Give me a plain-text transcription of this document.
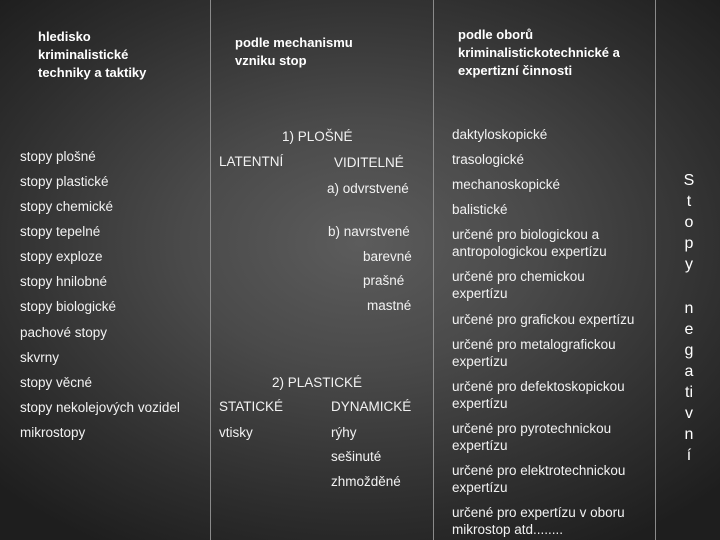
hledisko
kriminalistické
techniky a taktiky
podle mechanismu
vzniku stop
podle oborů
kriminalistickotechnické a
expertizní činnosti
stopy plošné
stopy plastické
stopy chemické
stopy tepelné
stopy exploze
stopy hnilobné
stopy biologické
pachové stopy
skvrny
stopy věcné
stopy nekolejových vozidel
mikrostopy
1) PLOŠNÉ
LATENTNÍ	VIDITELNÉ
a) odvrstvené
b) navrstvené
barevné
prašné
mastné
2) PLASTICKÉ
STATICKÉ	DYNAMICKÉ
vtisky	rýhy
sešinuté
zhmožděné
daktyloskopické
trasologické
mechanoskopické
balistické
určené pro biologickou a
antropologickou expertízu
určené pro chemickou
expertízu
určené pro grafickou expertízu
určené pro metalografickou
expertízu
určené pro defektoskopickou
expertízu
určené pro pyrotechnickou
expertízu
určené pro elektrotechnickou
expertízu
určené pro expertízu v oboru
mikrostop atd........
S
t
o
p
y
n
e
g
a
ti
v
n
í
